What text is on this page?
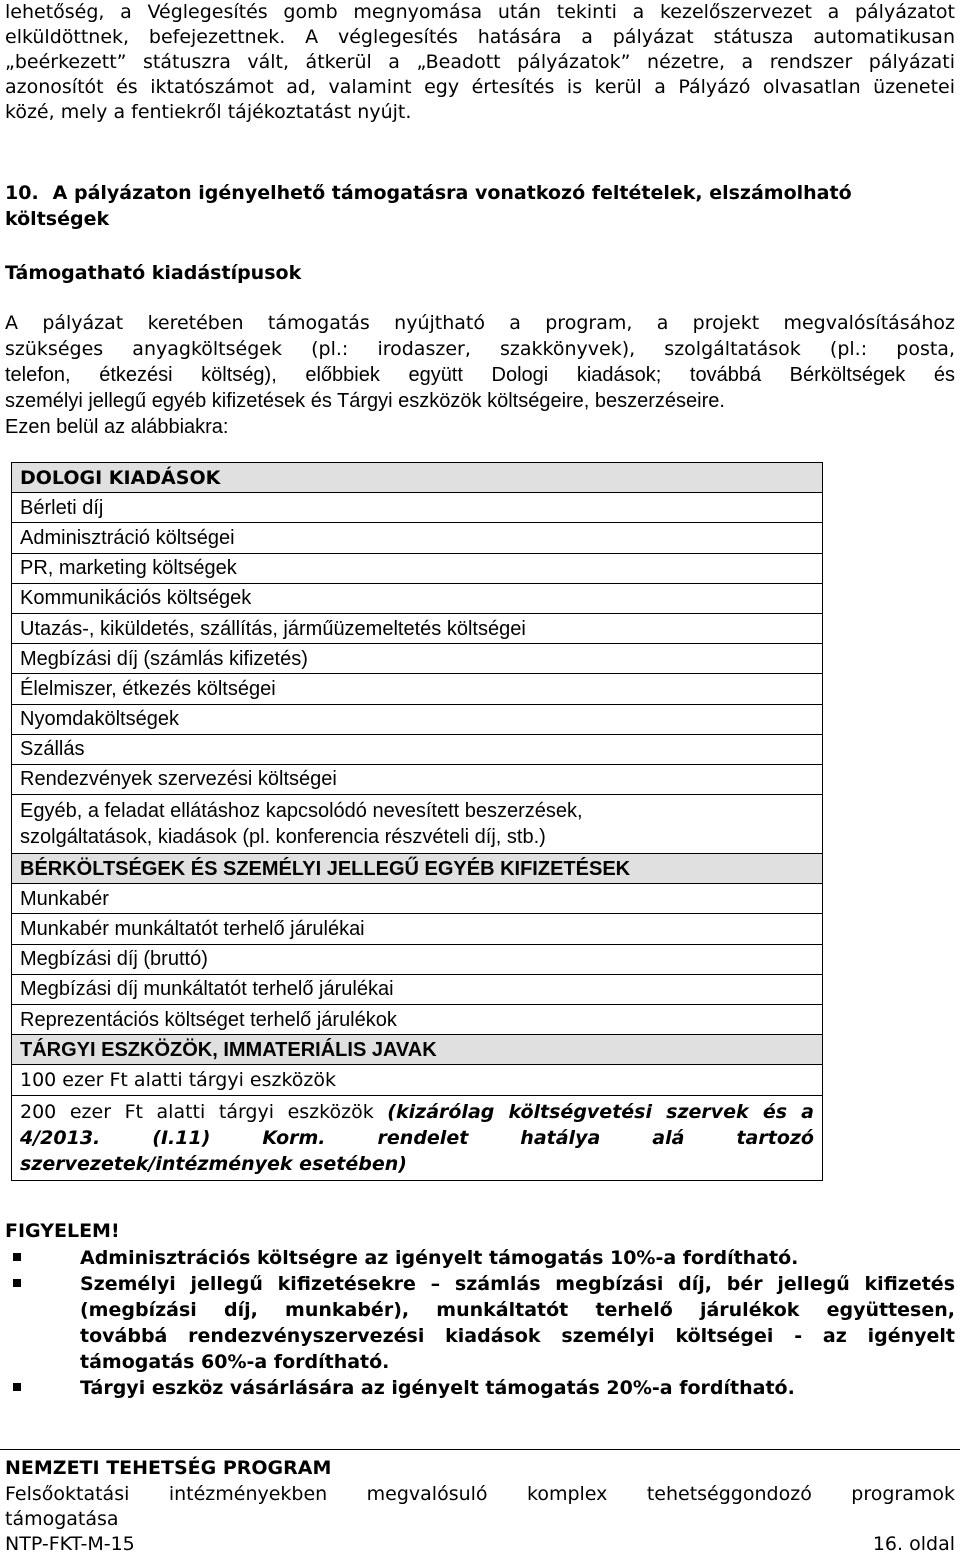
lehetőség, a Véglegesítés gomb megnyomása után tekinti a kezelőszervezet a pályázatot
elküldöttnek, befejezettnek. A véglegesítés hatására a pályázat státusza automatikusan
„beérkezett” státuszra vált, átkerül a „Beadott pályázatok” nézetre, a rendszer pályázati
azonosítót és iktatószámot ad, valamint egy értesítés is kerül a Pályázó olvasatlan üzenetei
közé, mely a fentiekről tájékoztatást nyújt.
10. A pályázaton igényelhető támogatásra vonatkozó feltételek, elszámolható
költségek
Támogatható kiadástípusok
A pályázat keretében támogatás nyújtható a program, a projekt megvalósításához
szükséges anyagköltségek (pl.: irodaszer, szakkönyvek), szolgáltatások (pl.: posta,
telefon, étkezési költség), előbbiek együtt Dologi kiadások; továbbá Bérköltségek és
személyi jellegű egyéb kifizetések és Tárgyi eszközök költségeire, beszerzéseire.
Ezen belül az alábbiakra:
DOLOGI KIADÁSOK
Bérleti díj
Adminisztráció költségei
PR, marketing költségek
Kommunikációs költségek
Utazás-, kiküldetés, szállítás, járműüzemeltetés költségei
Megbízási díj (számlás kifizetés)
Élelmiszer, étkezés költségei
Nyomdaköltségek
Szállás
Rendezvények szervezési költségei
Egyéb, a feladat ellátáshoz kapcsolódó nevesített beszerzések,
szolgáltatások, kiadások (pl. konferencia részvételi díj, stb.)
BÉRKÖLTSÉGEK ÉS SZEMÉLYI JELLEGŰ EGYÉB KIFIZETÉSEK
Munkabér
Munkabér munkáltatót terhelő járulékai
Megbízási díj (bruttó)
Megbízási díj munkáltatót terhelő járulékai
Reprezentációs költséget terhelő járulékok
TÁRGYI ESZKÖZÖK, IMMATERIÁLIS JAVAK
100 ezer Ft alatti tárgyi eszközök

200 ezer Ft alatti tárgyi eszközök (kizárólag költségvetési szervek és a
4/2013. (I.11) Korm. rendelet hatálya alá tartozó
szervezetek/intézmények esetében)
FIGYELEM!
Adminisztrációs költségre az igényelt támogatás 10%-a fordítható.
Személyi jellegű kifizetésekre – számlás megbízási díj, bér jellegű kifizetés
(megbízási díj, munkabér), munkáltatót terhelő járulékok együttesen,
továbbá rendezvényszervezési kiadások személyi költségei - az igényelt
támogatás 60%-a fordítható.
Tárgyi eszköz vásárlására az igényelt támogatás 20%-a fordítható.
NEMZETI TEHETSÉG PROGRAM
Felsőoktatási intézményekben megvalósuló komplex tehetséggondozó programok
támogatása
NTP-FKT-M-15	16. oldal
